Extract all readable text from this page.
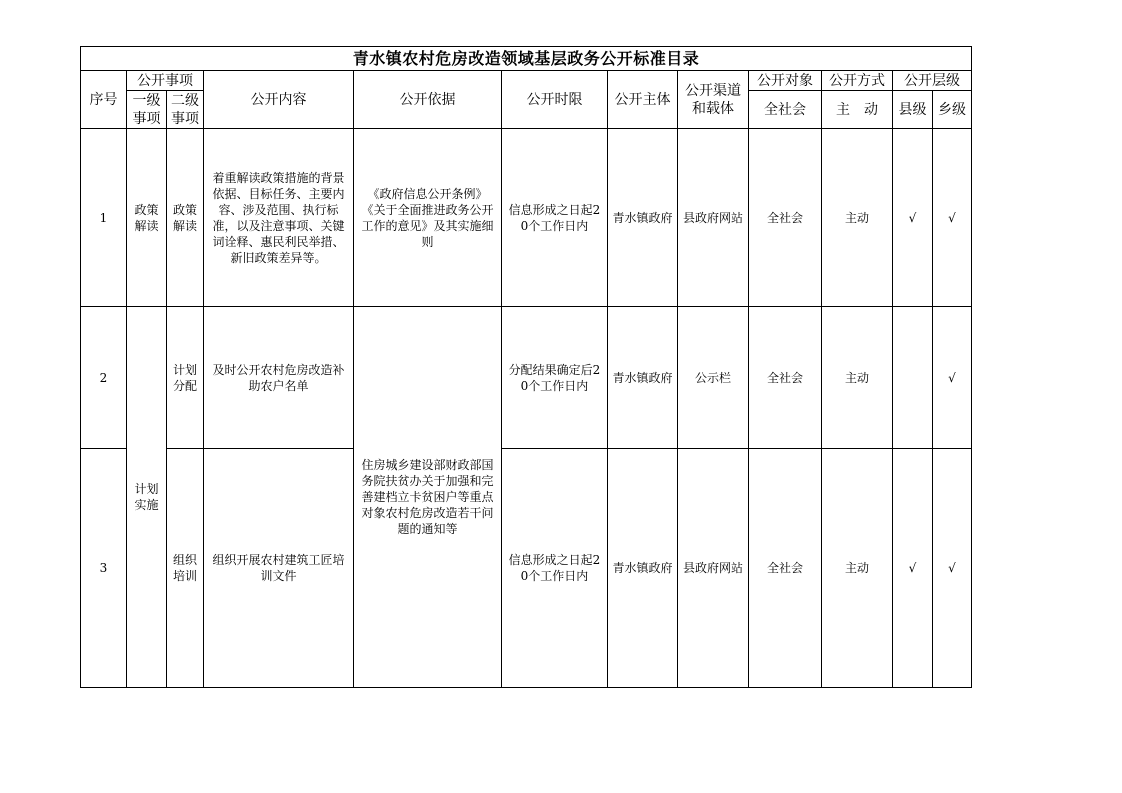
青水镇农村危房改造领域基层政务公开标准目录											
序号	公开事项		公开内容	公开依据	公开时限	公开主体	公开渠道和载体	公开对象	公开方式	公开层级	
	一级事项	二级事项						全社会	主　动	县级	乡级
1	政策解读	政策解读	着重解读政策措施的背景依据、目标任务、主要内容、涉及范围、执行标准，以及注意事项、关键词诠释、惠民利民举措、新旧政策差异等。	《政府信息公开条例》《关于全面推进政务公开工作的意见》及其实施细则	信息形成之日起20个工作日内	青水镇政府	县政府网站	全社会	主动	√	√
2	计划实施	计划分配	及时公开农村危房改造补助农户名单	住房城乡建设部财政部国务院扶贫办关于加强和完善建档立卡贫困户等重点对象农村危房改造若干问题的通知等	分配结果确定后20个工作日内	青水镇政府	公示栏	全社会	主动		√
3		组织培训	组织开展农村建筑工匠培训文件		信息形成之日起20个工作日内	青水镇政府	县政府网站	全社会	主动	√	√
